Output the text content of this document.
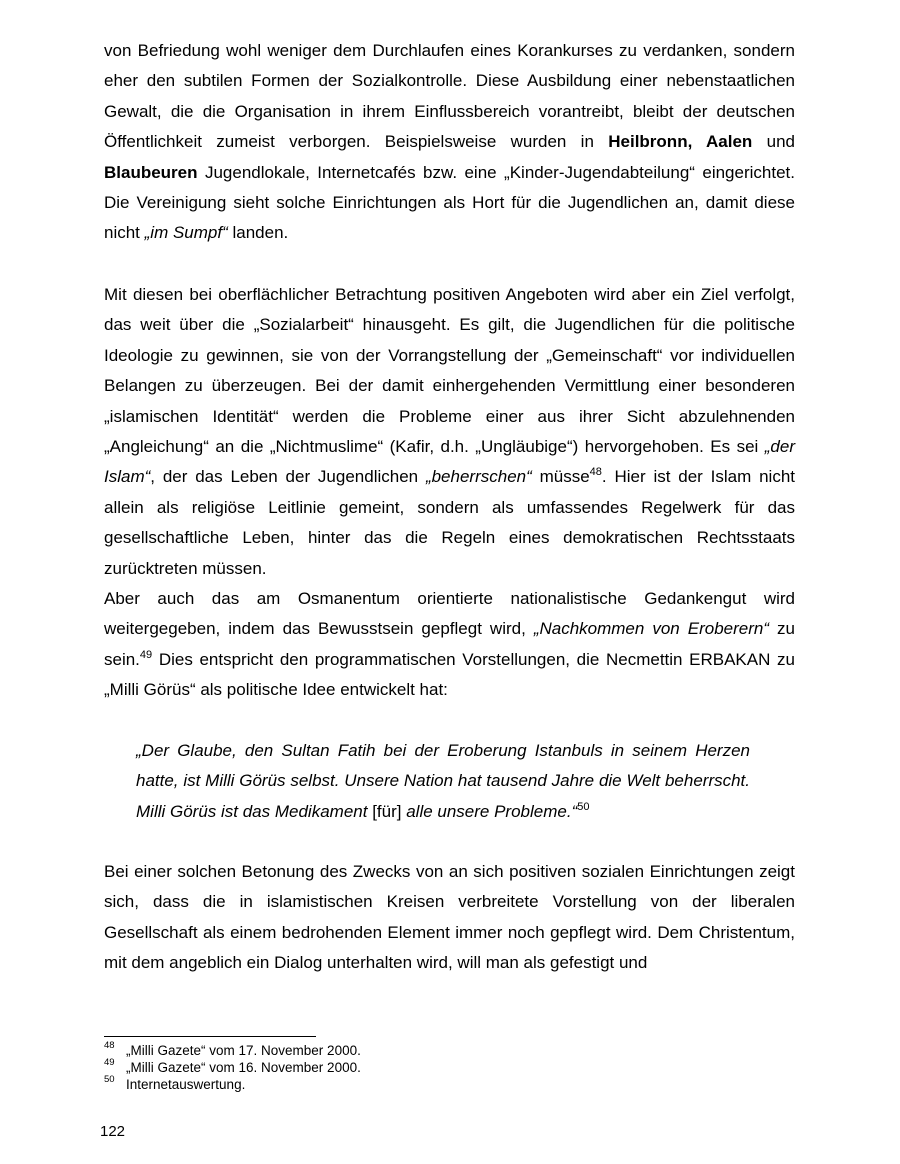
von Befriedung wohl weniger dem Durchlaufen eines Korankurses zu verdanken, sondern eher den subtilen Formen der Sozialkontrolle. Diese Ausbildung einer nebenstaatlichen Gewalt, die die Organisation in ihrem Einflussbereich vorantreibt, bleibt der deutschen Öffentlichkeit zumeist verborgen. Beispielsweise wurden in Heilbronn, Aalen und Blaubeuren Jugendlokale, Internetcafés bzw. eine „Kinder-Jugendabteilung“ eingerichtet. Die Vereinigung sieht solche Einrichtungen als Hort für die Jugendlichen an, damit diese nicht „im Sumpf“ landen.

Mit diesen bei oberflächlicher Betrachtung positiven Angeboten wird aber ein Ziel verfolgt, das weit über die „Sozialarbeit“ hinausgeht. Es gilt, die Jugendlichen für die politische Ideologie zu gewinnen, sie von der Vorrangstellung der „Gemeinschaft“ vor individuellen Belangen zu überzeugen. Bei der damit einhergehenden Vermittlung einer besonderen „islamischen Identität“ werden die Probleme einer aus ihrer Sicht abzulehnenden „Angleichung“ an die „Nichtmuslime“ (Kafir, d.h. „Ungläubige“) hervorgehoben. Es sei „der Islam“, der das Leben der Jugendlichen „beherrschen“ müsse$^{48}$. Hier ist der Islam nicht allein als religiöse Leitlinie gemeint, sondern als umfassendes Regelwerk für das gesellschaftliche Leben, hinter das die Regeln eines demokratischen Rechtsstaats zurücktreten müssen.

Aber auch das am Osmanentum orientierte nationalistische Gedankengut wird weitergegeben, indem das Bewusstsein gepflegt wird, „Nachkommen von Eroberern“ zu sein.$^{49}$ Dies entspricht den programmatischen Vorstellungen, die Necmettin ERBAKAN zu „Milli Görüs“ als politische Idee entwickelt hat:

„Der Glaube, den Sultan Fatih bei der Eroberung Istanbuls in seinem Herzen hatte, ist Milli Görüs selbst. Unsere Nation hat tausend Jahre die Welt beherrscht. Milli Görüs ist das Medikament [für] alle unsere Probleme.“$^{50}$

Bei einer solchen Betonung des Zwecks von an sich positiven sozialen Einrichtungen zeigt sich, dass die in islamistischen Kreisen verbreitete Vorstellung von der liberalen Gesellschaft als einem bedrohenden Element immer noch gepflegt wird. Dem Christentum, mit dem angeblich ein Dialog unterhalten wird, will man als gefestigt und

48 „Milli Gazete“ vom 17. November 2000.
49 „Milli Gazete“ vom 16. November 2000.
50 Internetauswertung.
122
